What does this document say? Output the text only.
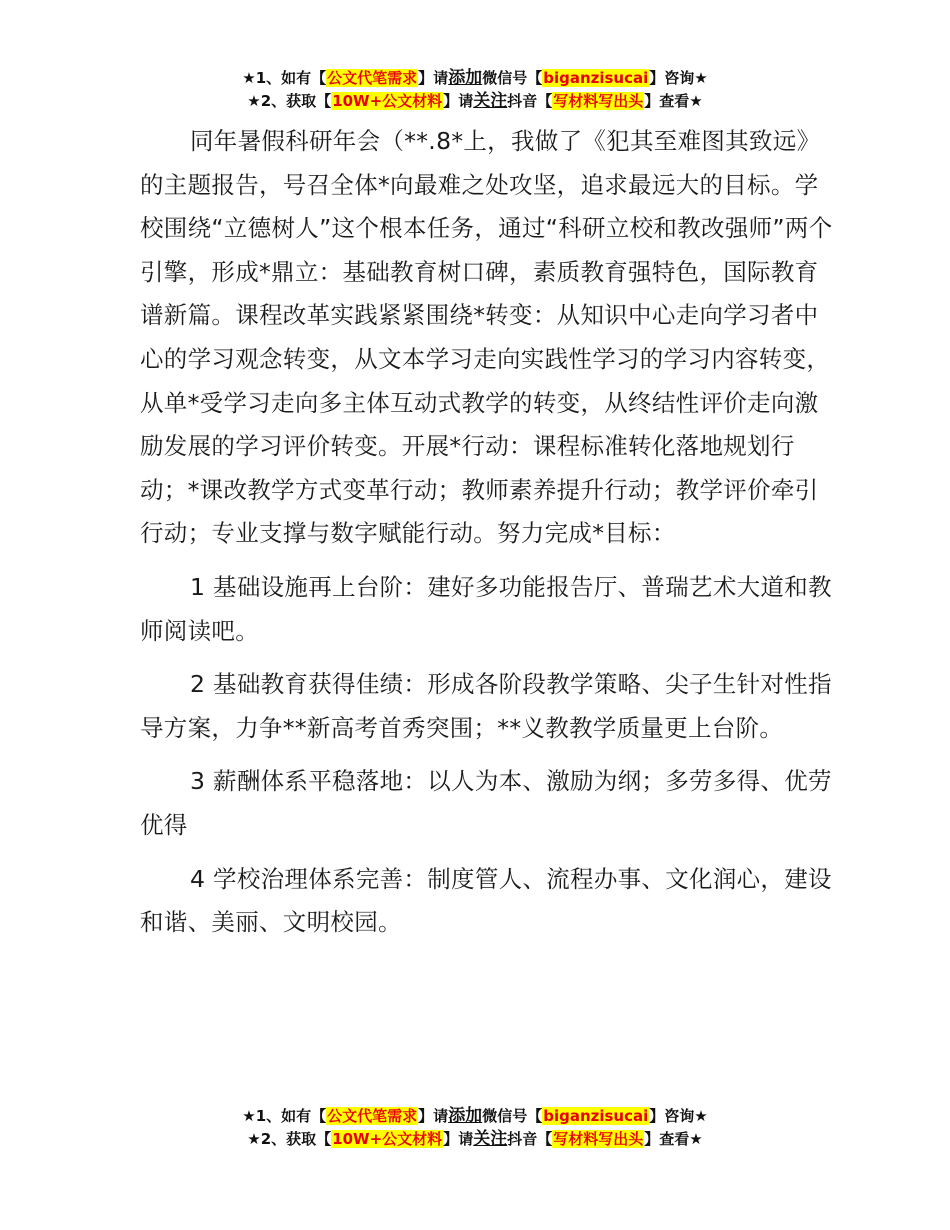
★1、如有【公文代笔需求】请添加微信号【biganzisucai】咨询★
★2、获取【10W+公文材料】请关注抖音【写材料写出头】查看★

同年暑假科研年会（**.8*上，我做了《犯其至难图其致远》的主题报告，号召全体*向最难之处攻坚，追求最远大的目标。学校围绕“立德树人”这个根本任务，通过“科研立校和教改强师”两个引擎，形成*鼎立：基础教育树口碑，素质教育强特色，国际教育谱新篇。课程改革实践紧紧围绕*转变：从知识中心走向学习者中心的学习观念转变，从文本学习走向实践性学习的学习内容转变，从单*受学习走向多主体互动式教学的转变，从终结性评价走向激励发展的学习评价转变。开展*行动：课程标准转化落地规划行动；*课改教学方式变革行动；教师素养提升行动；教学评价牵引行动；专业支撑与数字赋能行动。努力完成*目标：

1 基础设施再上台阶：建好多功能报告厅、普瑞艺术大道和教师阅读吧。

2 基础教育获得佳绩：形成各阶段教学策略、尖子生针对性指导方案，力争**新高考首秀突围；**义教教学质量更上台阶。

3 薪酬体系平稳落地：以人为本、激励为纲；多劳多得、优劳优得

4 学校治理体系完善：制度管人、流程办事、文化润心，建设和谐、美丽、文明校园。

★1、如有【公文代笔需求】请添加微信号【biganzisucai】咨询★
★2、获取【10W+公文材料】请关注抖音【写材料写出头】查看★
